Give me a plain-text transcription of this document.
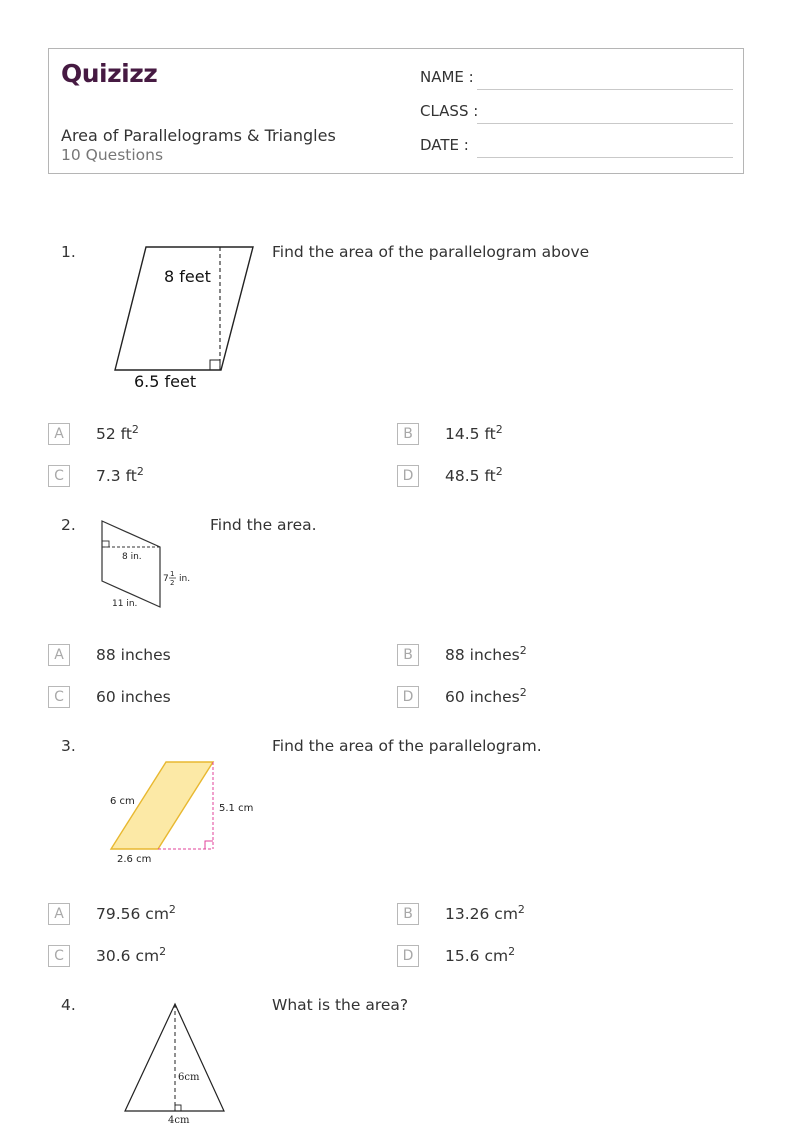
Quizizz
Area of Parallelograms & Triangles
10 Questions
NAME :
CLASS :
DATE :
1.
8 feet
6.5 feet
Find the area of the parallelogram above
A	52 $ft^2$	B	14.5 $ft^2$
C	7.3 $ft^2$	D	48.5 $ft^2$
2.
8 in.
7 1
2 in.
11 in.
Find the area.
A	88 inches	B	88 inches$^2$
C	60 inches	D	60 inches$^2$
3.
6 cm
5.1 cm
2.6 cm
Find the area of the parallelogram.
A	79.56 $cm^2$	B	13.26 $cm^2$
C	30.6 $cm^2$	D	15.6 $cm^2$
4.
6cm
4cm
What is the area?
